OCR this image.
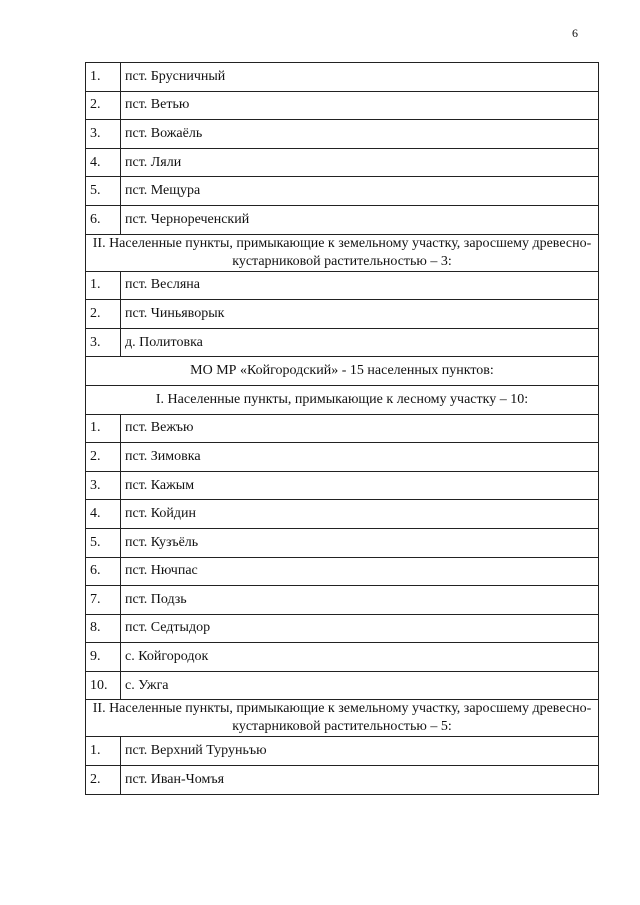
6
1.	пст. Брусничный
2.	пст. Ветью
3.	пст. Вожаёль
4.	пст. Ляли
5.	пст. Мещура
6.	пст. Чернореченский
II. Населенные пункты, примыкающие к земельному участку, заросшему древесно-кустарниковой растительностью – 3:	
1.	пст. Весляна
2.	пст. Чиньяворык
3.	д. Политовка
МО МР «Койгородский» - 15 населенных пунктов:	
I. Населенные пункты, примыкающие к лесному участку – 10:	
1.	пст. Вежъю
2.	пст. Зимовка
3.	пст. Кажым
4.	пст. Койдин
5.	пст. Кузъёль
6.	пст. Нючпас
7.	пст. Подзь
8.	пст. Седтыдор
9.	с. Койгородок
10.	с. Ужга
II. Населенные пункты, примыкающие к земельному участку, заросшему древесно-кустарниковой растительностью – 5:	
1.	пст. Верхний Туруньъю
2.	пст. Иван-Чомъя
